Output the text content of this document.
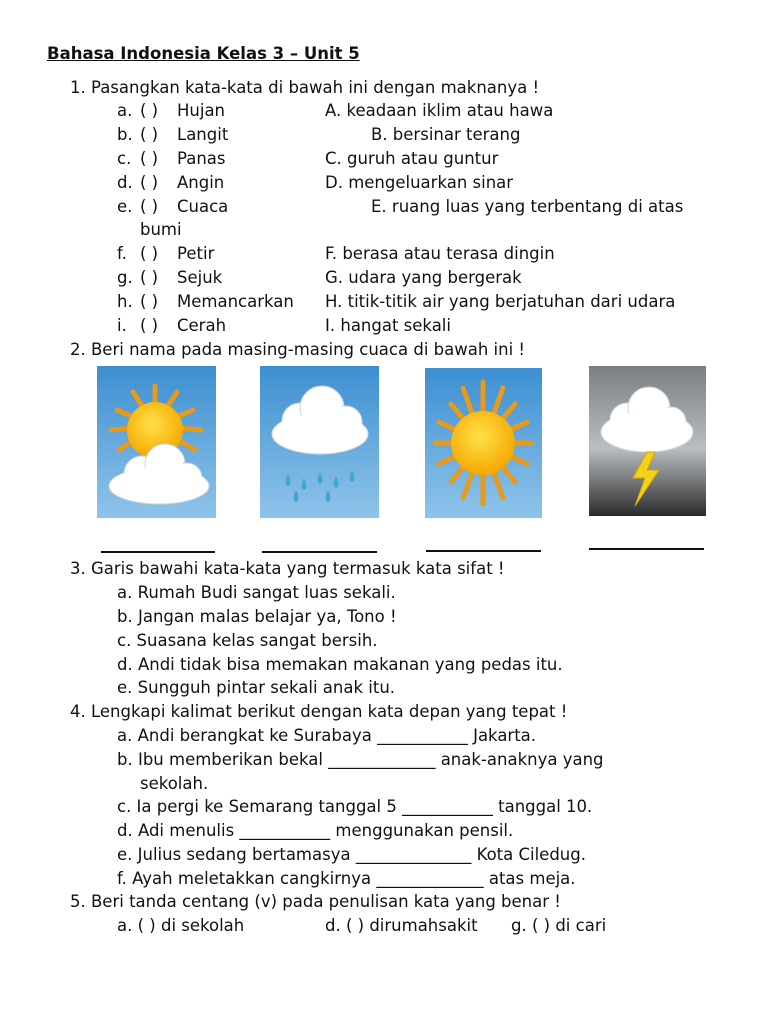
Bahasa Indonesia Kelas 3 – Unit 5
1. Pasangkan kata-kata di bawah ini dengan maknanya !
a. ( ) Hujan
b. ( ) Langit
c. ( ) Panas
d. ( ) Angin
e. ( ) Cuaca
f. ( ) Petir
g. ( ) Sejuk
h. ( ) Memancarkan
i. ( ) Cerah
A. keadaan iklim atau hawa
B. bersinar terang
C. guruh atau guntur
D. mengeluarkan sinar
E. ruang luas yang terbentang di atas
bumi
F. berasa atau terasa dingin
G. udara yang bergerak
H. titik-titik air yang berjatuhan dari udara
I. hangat sekali
2. Beri nama pada masing-masing cuaca di bawah ini !
3. Garis bawahi kata-kata yang termasuk kata sifat !
a. Rumah Budi sangat luas sekali.
b. Jangan malas belajar ya, Tono !
c. Suasana kelas sangat bersih.
d. Andi tidak bisa memakan makanan yang pedas itu.
e. Sungguh pintar sekali anak itu.
4. Lengkapi kalimat berikut dengan kata depan yang tepat !
a. Andi berangkat ke Surabaya ___________ Jakarta.
b. Ibu memberikan bekal _____________ anak-anaknya yang
sekolah.
c. Ia pergi ke Semarang tanggal 5 ___________ tanggal 10.
d. Adi menulis ___________ menggunakan pensil.
e. Julius sedang bertamasya ______________ Kota Ciledug.
f. Ayah meletakkan cangkirnya _____________ atas meja.
5. Beri tanda centang (v) pada penulisan kata yang benar !
a. ( ) di sekolah	d. ( ) dirumahsakit g. ( ) di cari
